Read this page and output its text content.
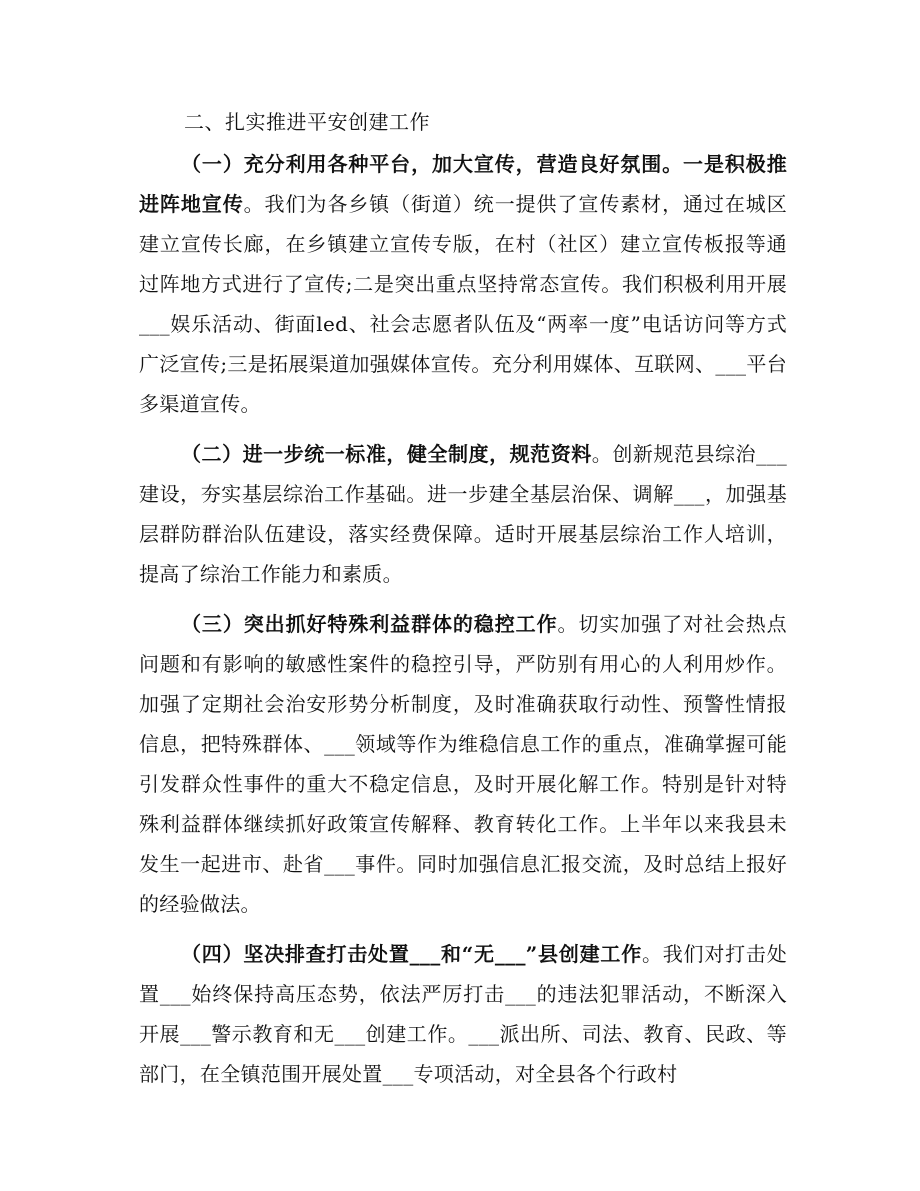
二、扎实推进平安创建工作

（一）充分利用各种平台，加大宣传，营造良好氛围。一是积极推进阵地宣传。我们为各乡镇（街道）统一提供了宣传素材，通过在城区建立宣传长廊，在乡镇建立宣传专版，在村（社区）建立宣传板报等通过阵地方式进行了宣传;二是突出重点坚持常态宣传。我们积极利用开展___娱乐活动、街面led、社会志愿者队伍及“两率一度”电话访问等方式广泛宣传;三是拓展渠道加强媒体宣传。充分利用媒体、互联网、___平台多渠道宣传。

（二）进一步统一标准，健全制度，规范资料。创新规范县综治___建设，夯实基层综治工作基础。进一步建全基层治保、调解___，加强基层群防群治队伍建设，落实经费保障。适时开展基层综治工作人培训，提高了综治工作能力和素质。

（三）突出抓好特殊利益群体的稳控工作。切实加强了对社会热点问题和有影响的敏感性案件的稳控引导，严防别有用心的人利用炒作。加强了定期社会治安形势分析制度，及时准确获取行动性、预警性情报信息，把特殊群体、___领域等作为维稳信息工作的重点，准确掌握可能引发群众性事件的重大不稳定信息，及时开展化解工作。特别是针对特殊利益群体继续抓好政策宣传解释、教育转化工作。上半年以来我县未发生一起进市、赴省___事件。同时加强信息汇报交流，及时总结上报好的经验做法。

（四）坚决排查打击处置___和“无___”县创建工作。我们对打击处置___始终保持高压态势，依法严厉打击___的违法犯罪活动，不断深入开展___警示教育和无___创建工作。___派出所、司法、教育、民政、等部门，在全镇范围开展处置___专项活动，对全县各个行政村
